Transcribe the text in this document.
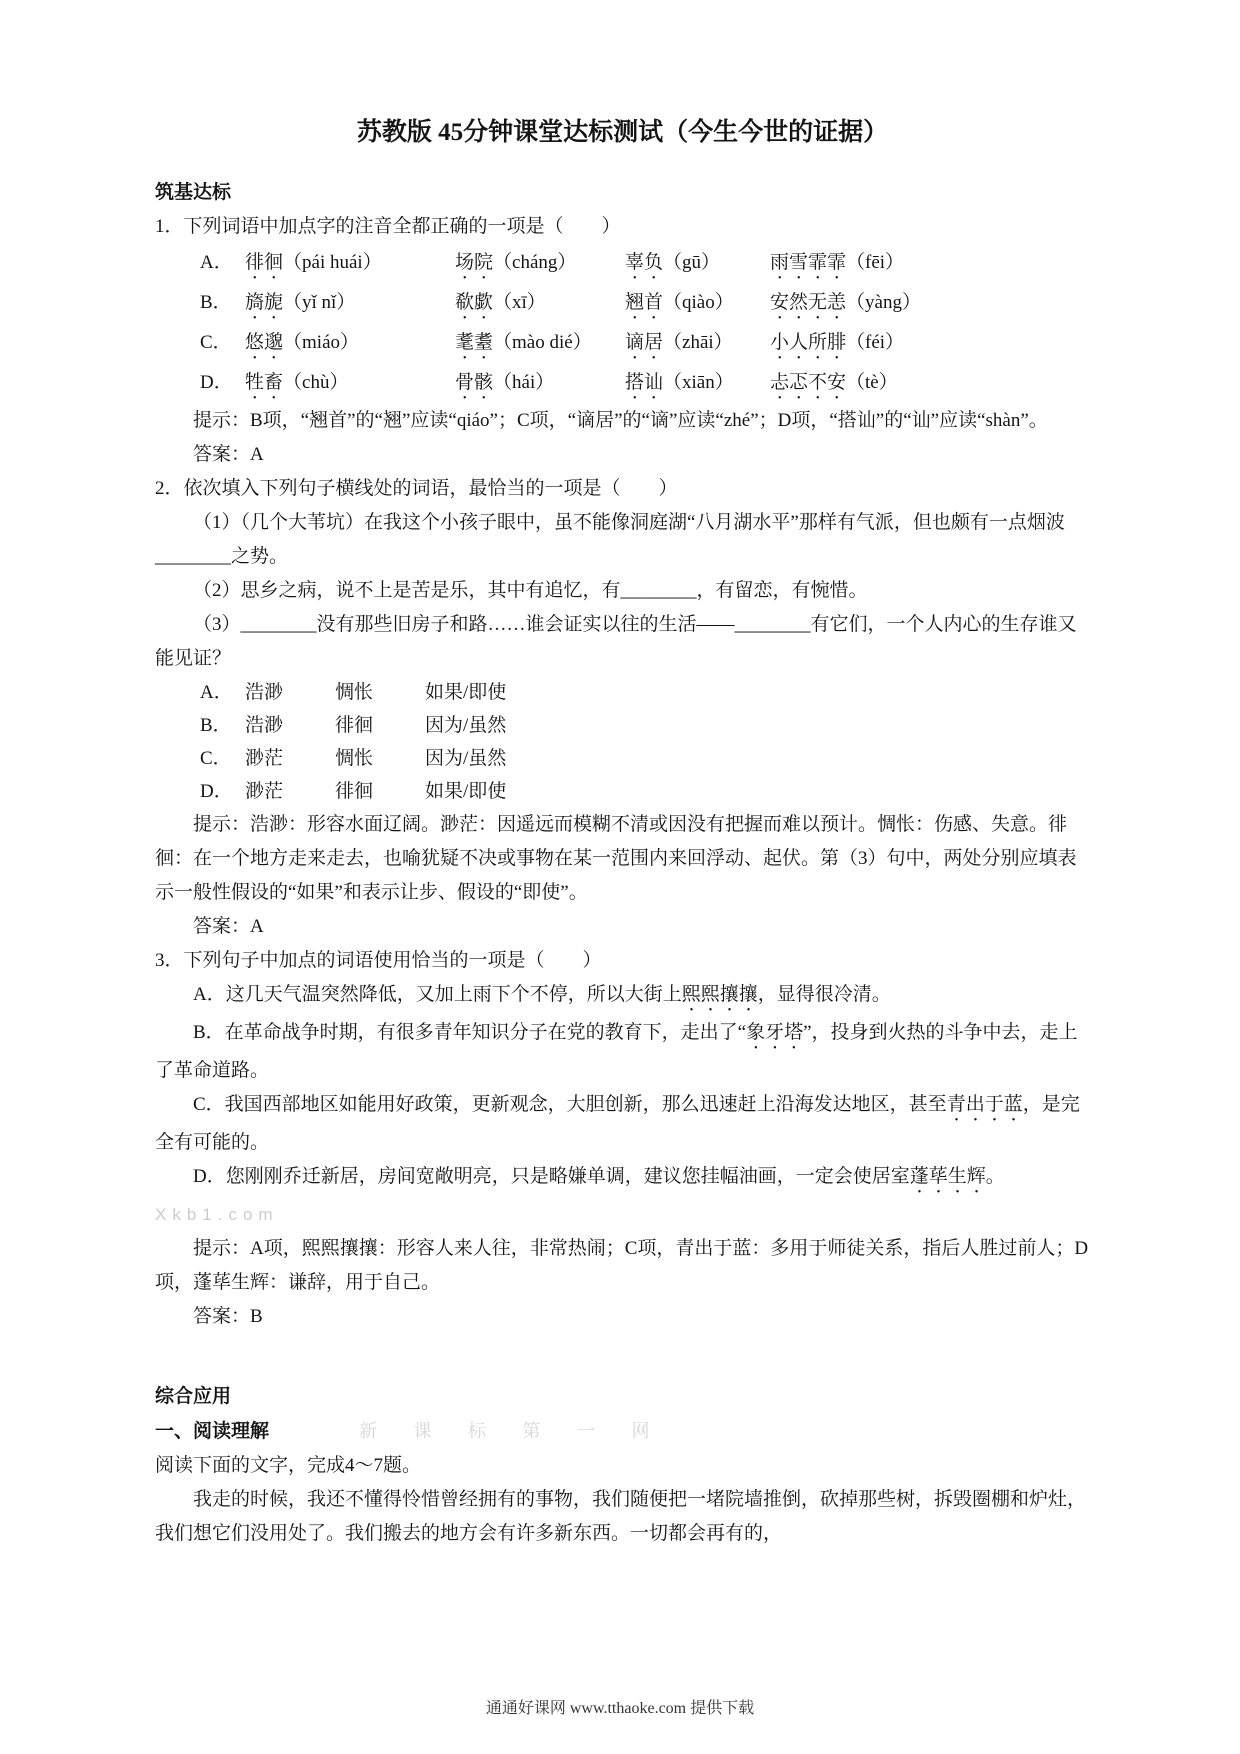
苏教版 45分钟课堂达标测试（今生今世的证据）

筑基达标

1．下列词语中加点字的注音全都正确的一项是（　　）

A． 徘徊（pái huái）	场院（cháng）	辜负（gū）	雨雪霏霏（fēi）
B． 旖旎（yǐ nǐ）	欷歔（xī）	翘首（qiào）	安然无恙（yàng）
C． 悠邈（miáo）	耄耋（mào dié）	谪居（zhāi）	小人所腓（féi）
D． 牲畜（chù）	骨骸（hái）	搭讪（xiān）	忐忑不安（tè）

提示：B项，“翘首”的“翘”应读“qiáo”；C项，“谪居”的“谪”应读“zhé”；D项，“搭讪”的“讪”应读“shàn”。

答案：A

2．依次填入下列句子横线处的词语，最恰当的一项是（　　）

（1）（几个大苇坑）在我这个小孩子眼中，虽不能像洞庭湖“八月湖水平”那样有气派，但也颇有一点烟波________之势。

（2）思乡之病，说不上是苦是乐，其中有追忆，有________，有留恋，有惋惜。

（3）________没有那些旧房子和路……谁会证实以往的生活——________有它们，一个人内心的生存谁又能见证？

A． 浩渺	惆怅	如果/即使
B． 浩渺	徘徊	因为/虽然
C． 渺茫	惆怅	因为/虽然
D． 渺茫	徘徊	如果/即使

提示：浩渺：形容水面辽阔。渺茫：因遥远而模糊不清或因没有把握而难以预计。惆怅：伤感、失意。徘徊：在一个地方走来走去，也喻犹疑不决或事物在某一范围内来回浮动、起伏。第（3）句中，两处分别应填表示一般性假设的“如果”和表示让步、假设的“即使”。

答案：A

3．下列句子中加点的词语使用恰当的一项是（　　）

A．这几天气温突然降低，又加上雨下个不停，所以大街上熙熙攘攘，显得很冷清。

B．在革命战争时期，有很多青年知识分子在党的教育下，走出了“象牙塔”，投身到火热的斗争中去，走上了革命道路。

C．我国西部地区如能用好政策，更新观念，大胆创新，那么迅速赶上沿海发达地区，甚至青出于蓝，是完全有可能的。

D．您刚刚乔迁新居，房间宽敞明亮，只是略嫌单调，建议您挂幅油画，一定会使居室蓬荜生辉。Xkb1.com

提示：A项，熙熙攘攘：形容人来人往，非常热闹；C项，青出于蓝：多用于师徒关系，指后人胜过前人；D项，蓬荜生辉：谦辞，用于自己。

答案：B

综合应用

一、阅读理解	新 课 标 第 一 网

阅读下面的文字，完成4～7题。

我走的时候，我还不懂得怜惜曾经拥有的事物，我们随便把一堵院墙推倒，砍掉那些树，拆毁圈棚和炉灶，我们想它们没用处了。我们搬去的地方会有许多新东西。一切都会再有的，

通通好课网 www.tthaoke.com 提供下载
